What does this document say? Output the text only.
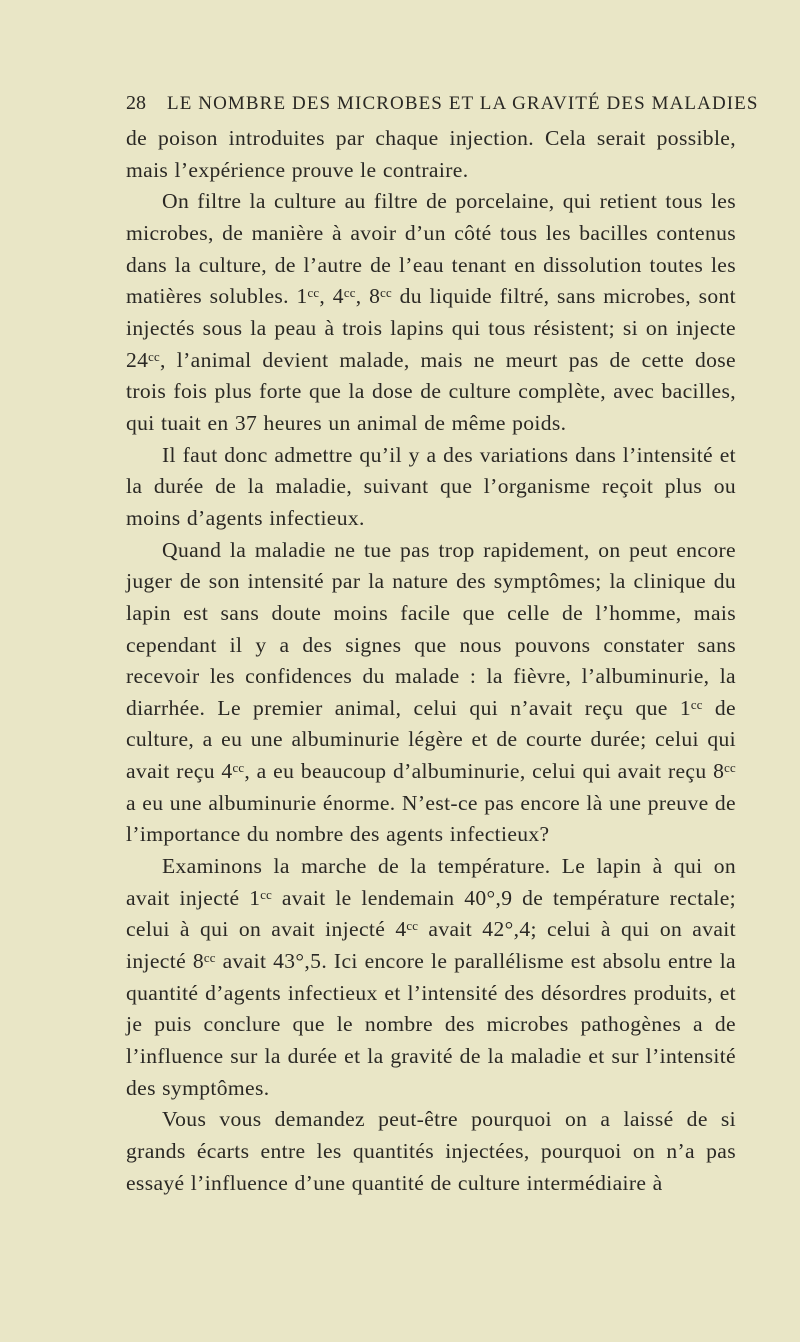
28 LE NOMBRE DES MICROBES ET LA GRAVITÉ DES MALADIES

de poison introduites par chaque injection. Cela serait possible, mais l’expérience prouve le contraire.

On filtre la culture au filtre de porcelaine, qui retient tous les microbes, de manière à avoir d’un côté tous les bacilles contenus dans la culture, de l’autre de l’eau tenant en dissolution toutes les matières solubles. 1ᶜᶜ, 4ᶜᶜ, 8ᶜᶜ du liquide filtré, sans microbes, sont injectés sous la peau à trois lapins qui tous résistent; si on injecte 24ᶜᶜ, l’animal devient malade, mais ne meurt pas de cette dose trois fois plus forte que la dose de culture complète, avec bacilles, qui tuait en 37 heures un animal de même poids.

Il faut donc admettre qu’il y a des variations dans l’intensité et la durée de la maladie, suivant que l’organisme reçoit plus ou moins d’agents infectieux.

Quand la maladie ne tue pas trop rapidement, on peut encore juger de son intensité par la nature des symptômes; la clinique du lapin est sans doute moins facile que celle de l’homme, mais cependant il y a des signes que nous pouvons constater sans recevoir les confidences du malade : la fièvre, l’albuminurie, la diarrhée. Le premier animal, celui qui n’avait reçu que 1ᶜᶜ de culture, a eu une albuminurie légère et de courte durée; celui qui avait reçu 4ᶜᶜ, a eu beaucoup d’albuminurie, celui qui avait reçu 8ᶜᶜ a eu une albuminurie énorme. N’est-ce pas encore là une preuve de l’importance du nombre des agents infectieux?

Examinons la marche de la température. Le lapin à qui on avait injecté 1ᶜᶜ avait le lendemain 40°,9 de température rectale; celui à qui on avait injecté 4ᶜᶜ avait 42°,4; celui à qui on avait injecté 8ᶜᶜ avait 43°,5. Ici encore le parallélisme est absolu entre la quantité d’agents infectieux et l’intensité des désordres produits, et je puis conclure que le nombre des microbes pathogènes a de l’influence sur la durée et la gravité de la maladie et sur l’intensité des symptômes.

Vous vous demandez peut-être pourquoi on a laissé de si grands écarts entre les quantités injectées, pourquoi on n’a pas essayé l’influence d’une quantité de culture intermédiaire à
